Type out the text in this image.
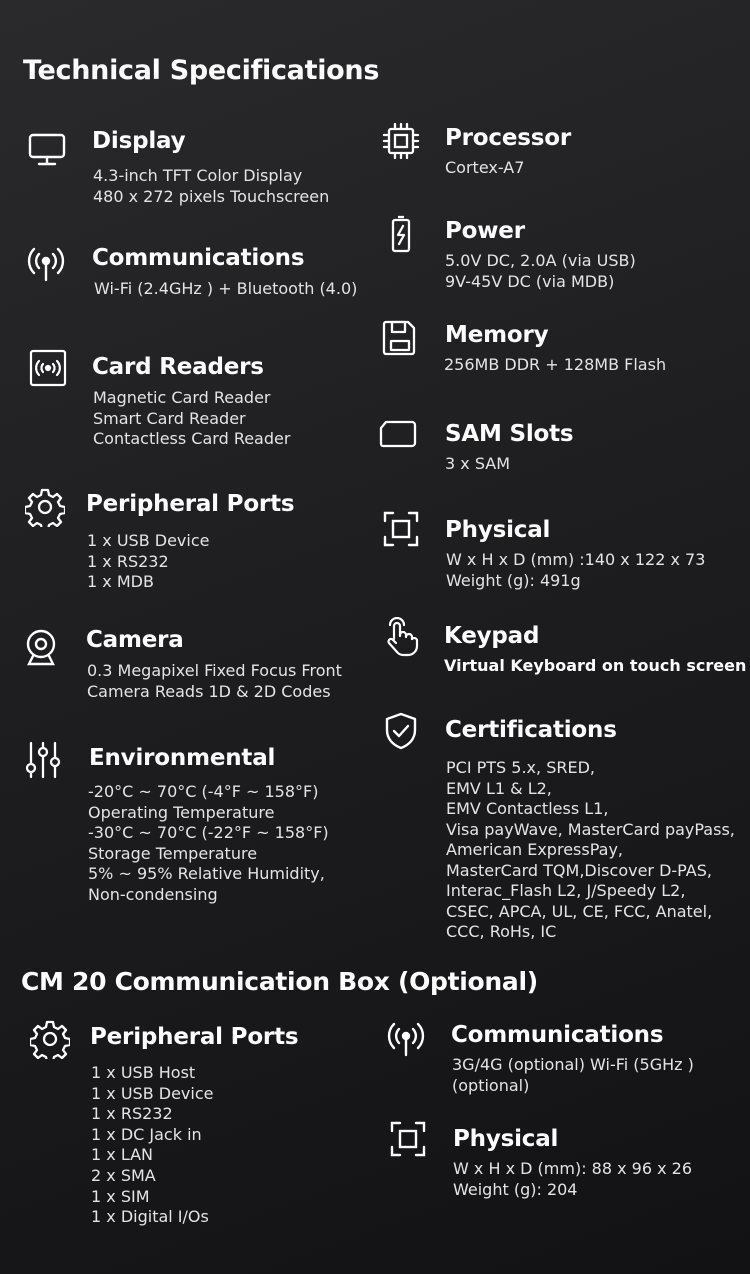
Technical Specifications
Display
4.3-inch TFT Color Display
480 x 272 pixels Touchscreen
Communications
Wi-Fi (2.4GHz ) + Bluetooth (4.0)
Card Readers
Magnetic Card Reader
Smart Card Reader
Contactless Card Reader
Peripheral Ports
1 x USB Device
1 x RS232
1 x MDB
Camera
0.3 Megapixel Fixed Focus Front
Camera Reads 1D & 2D Codes
Environmental
-20°C ~ 70°C (-4°F ~ 158°F)
Operating Temperature
-30°C ~ 70°C (-22°F ~ 158°F)
Storage Temperature
5% ~ 95% Relative Humidity,
Non-condensing
Processor
Cortex-A7
Power
5.0V DC, 2.0A (via USB)
9V-45V DC (via MDB)
Memory
256MB DDR + 128MB Flash
SAM Slots
3 x SAM
Physical
W x H x D (mm) :140 x 122 x 73
Weight (g): 491g
Keypad
Virtual Keyboard on touch screen
Certifications
PCI PTS 5.x, SRED,
EMV L1 & L2,
EMV Contactless L1,
Visa payWave, MasterCard payPass,
American ExpressPay,
MasterCard TQM,Discover D-PAS,
Interac_Flash L2, J/Speedy L2,
CSEC, APCA, UL, CE, FCC, Anatel,
CCC, RoHs, IC
CM 20 Communication Box (Optional)
Peripheral Ports
1 x USB Host
1 x USB Device
1 x RS232
1 x DC Jack in
1 x LAN
2 x SMA
1 x SIM
1 x Digital I/Os
Communications
3G/4G (optional) Wi-Fi (5GHz )
(optional)
Physical
W x H x D (mm): 88 x 96 x 26
Weight (g): 204
